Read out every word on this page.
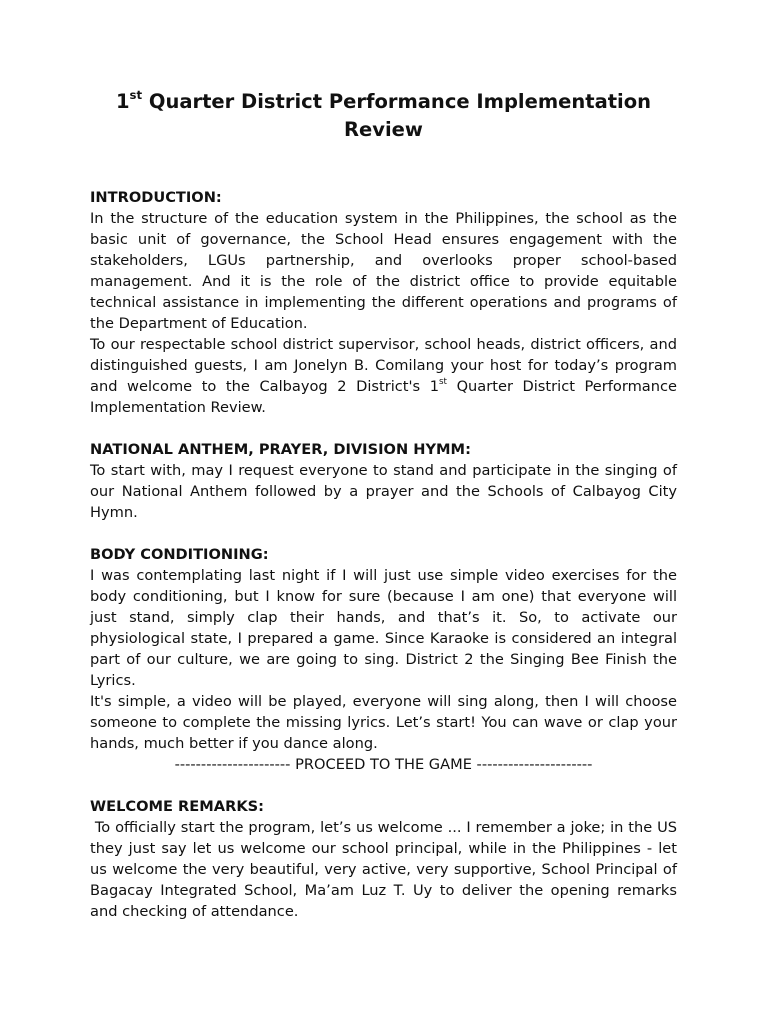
1st Quarter District Performance Implementation Review

INTRODUCTION:

In the structure of the education system in the Philippines, the school as the basic unit of governance, the School Head ensures engagement with the stakeholders, LGUs partnership, and overlooks proper school-based management. And it is the role of the district office to provide equitable technical assistance in implementing the different operations and programs of the Department of Education.

To our respectable school district supervisor, school heads, district officers, and distinguished guests, I am Jonelyn B. Comilang your host for today’s program and welcome to the Calbayog 2 District's 1st Quarter District Performance Implementation Review.

NATIONAL ANTHEM, PRAYER, DIVISION HYMM:

To start with, may I request everyone to stand and participate in the singing of our National Anthem followed by a prayer and the Schools of Calbayog City Hymn.

BODY CONDITIONING:

I was contemplating last night if I will just use simple video exercises for the body conditioning, but I know for sure (because I am one) that everyone will just stand, simply clap their hands, and that’s it. So, to activate our physiological state, I prepared a game. Since Karaoke is considered an integral part of our culture, we are going to sing. District 2 the Singing Bee Finish the Lyrics.

It's simple, a video will be played, everyone will sing along, then I will choose someone to complete the missing lyrics. Let’s start! You can wave or clap your hands, much better if you dance along.

---------------------- PROCEED TO THE GAME ----------------------

WELCOME REMARKS:

To officially start the program, let’s us welcome ... I remember a joke; in the US they just say let us welcome our school principal, while in the Philippines - let us welcome the very beautiful, very active, very supportive, School Principal of Bagacay Integrated School, Ma’am Luz T. Uy to deliver the opening remarks and checking of attendance.
